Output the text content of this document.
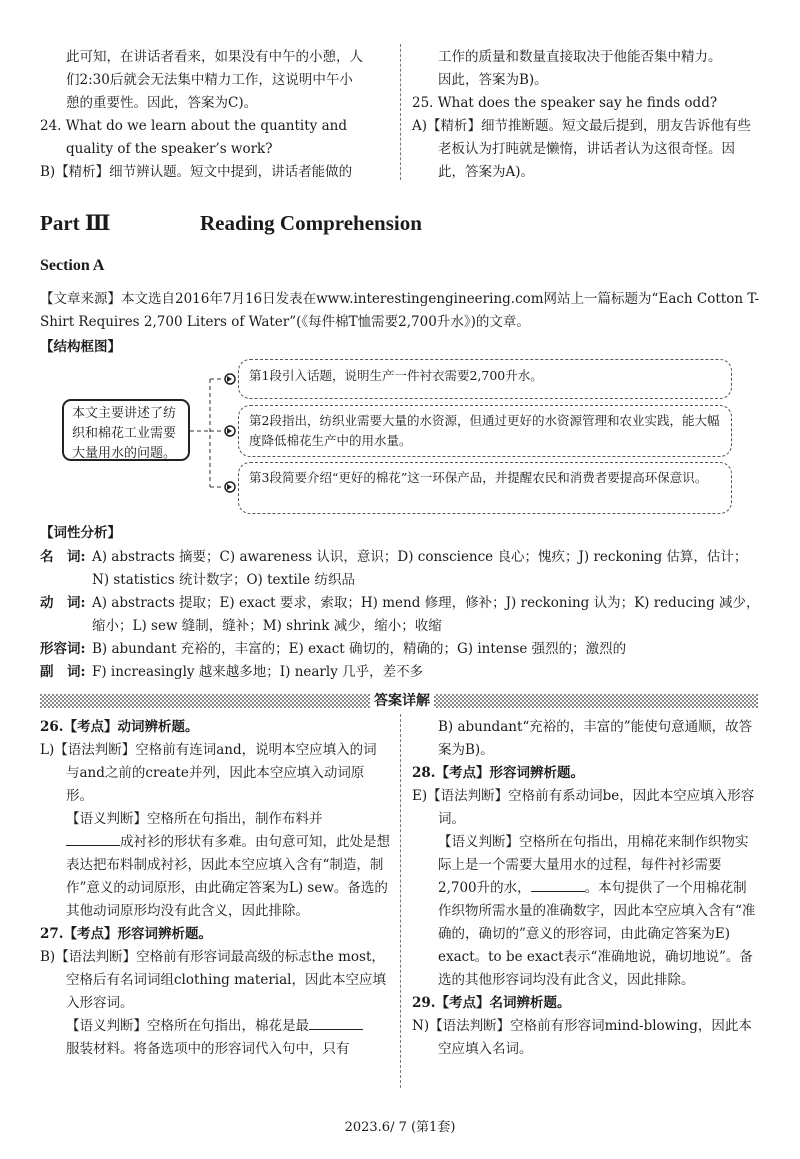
此可知，在讲话者看来，如果没有中午的小憩，人
们2:30后就会无法集中精力工作，这说明中午小
憩的重要性。因此，答案为C)。
24. What do we learn about the quantity and quality of the speaker’s work?
B)【精析】细节辨认题。短文中提到，讲话者能做的
工作的质量和数量直接取决于他能否集中精力。
因此，答案为B)。
25. What does the speaker say he finds odd?
A)【精析】细节推断题。短文最后提到，朋友告诉他有些老板认为打盹就是懒惰，讲话者认为这很奇怪。因此，答案为A)。
Part Ⅲ	Reading Comprehension
Section A
【文章来源】本文选自2016年7月16日发表在www.interestingengineering.com网站上一篇标题为“Each Cotton T-Shirt Requires 2,700 Liters of Water”(《每件棉T恤需要2,700升水》)的文章。
【结构框图】
本文主要讲述了纺织和棉花工业需要大量用水的问题。
第1段引入话题，说明生产一件衬衣需要2,700升水。
第2段指出，纺织业需要大量的水资源，但通过更好的水资源管理和农业实践，能大幅度降低棉花生产中的用水量。
第3段简要介绍“更好的棉花”这一环保产品，并提醒农民和消费者要提高环保意识。
【词性分析】
名　词: A) abstracts 摘要；C) awareness 认识，意识；D) conscience 良心；愧疚；J) reckoning 估算，估计；N) statistics 统计数字；O) textile 纺织品
动　词: A) abstracts 提取；E) exact 要求，索取；H) mend 修理，修补；J) reckoning 认为；K) reducing 减少，缩小；L) sew 缝制，缝补；M) shrink 减少，缩小；收缩
形容词: B) abundant 充裕的，丰富的；E) exact 确切的，精确的；G) intense 强烈的；激烈的
副　词: F) increasingly 越来越多地；I) nearly 几乎，差不多
答案详解
26.【考点】动词辨析题。
L)【语法判断】空格前有连词and，说明本空应填入的词与and之前的create并列，因此本空应填入动词原形。
【语义判断】空格所在句指出，制作布料并
成衬衫的形状有多难。由句意可知，此处是想表达把布料制成衬衫，因此本空应填入含有“制造，制作”意义的动词原形，由此确定答案为L) sew。备选的其他动词原形均没有此含义，因此排除。
27.【考点】形容词辨析题。
B)【语法判断】空格前有形容词最高级的标志the most，空格后有名词词组clothing material，因此本空应填入形容词。
【语义判断】空格所在句指出，棉花是最
服装材料。将备选项中的形容词代入句中，只有
B) abundant“充裕的，丰富的”能使句意通顺，故答案为B)。
28.【考点】形容词辨析题。
E)【语法判断】空格前有系动词be，因此本空应填入形容词。
【语义判断】空格所在句指出，用棉花来制作织物实际上是一个需要大量用水的过程，每件衬衫需要2,700升的水，	。本句提供了一个用棉花制作织物所需水量的准确数字，因此本空应填入含有“准确的，确切的”意义的形容词，由此确定答案为E) exact。to be exact表示“准确地说，确切地说”。备选的其他形容词均没有此含义，因此排除。
29.【考点】名词辨析题。
N)【语法判断】空格前有形容词mind-blowing，因此本空应填入名词。
2023.6/ 7 (第1套)
